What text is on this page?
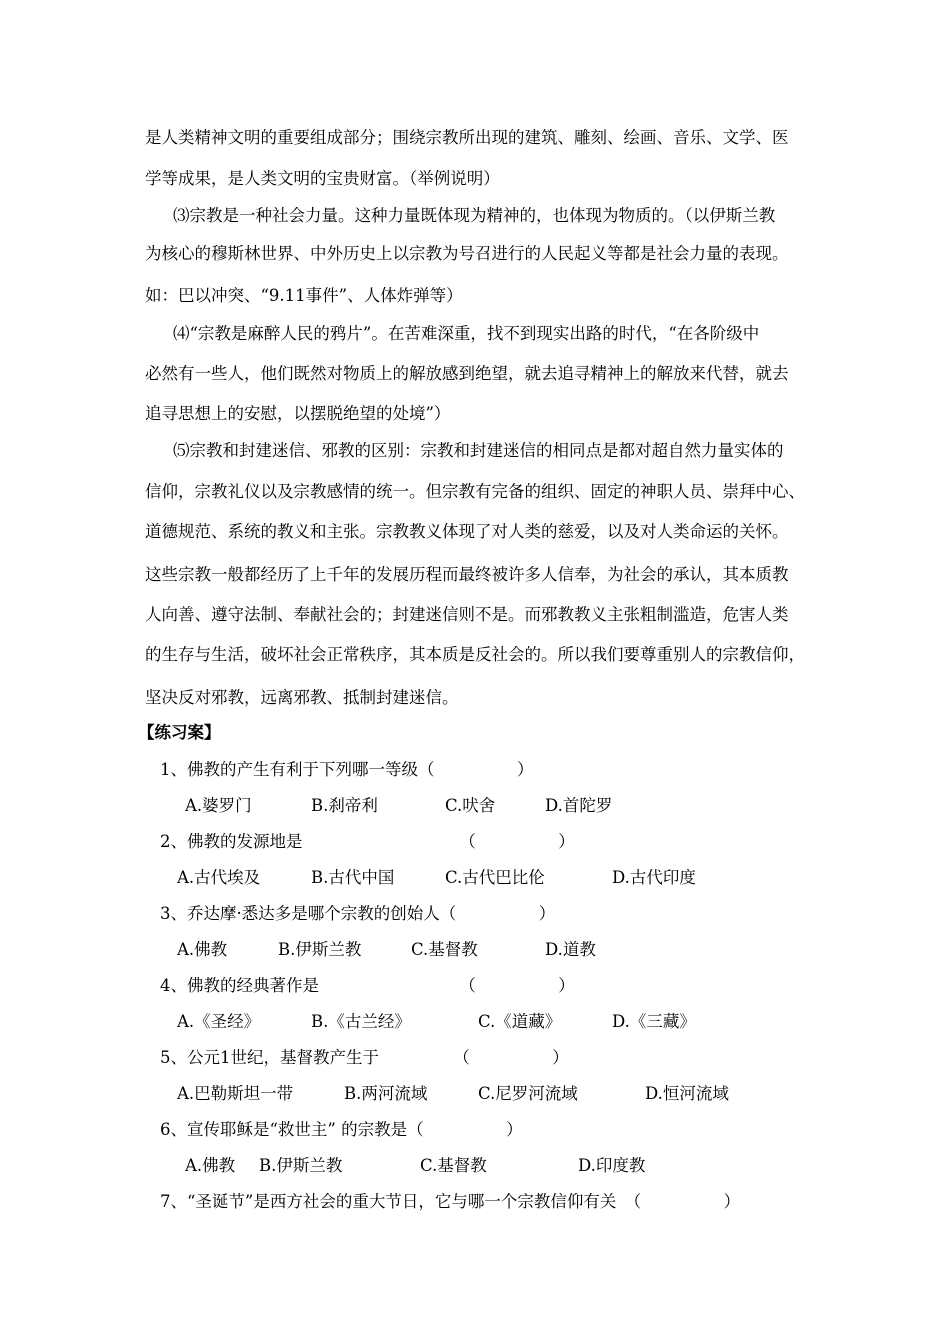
是人类精神文明的重要组成部分；围绕宗教所出现的建筑、雕刻、绘画、音乐、文学、医
学等成果，是人类文明的宝贵财富。（举例说明）
⑶宗教是一种社会力量。这种力量既体现为精神的，也体现为物质的。（以伊斯兰教
为核心的穆斯林世界、中外历史上以宗教为号召进行的人民起义等都是社会力量的表现。
如：巴以冲突、“9.11事件”、人体炸弹等）
⑷“宗教是麻醉人民的鸦片”。在苦难深重，找不到现实出路的时代，“在各阶级中
必然有一些人，他们既然对物质上的解放感到绝望，就去追寻精神上的解放来代替，就去
追寻思想上的安慰，以摆脱绝望的处境”）
⑸宗教和封建迷信、邪教的区别：宗教和封建迷信的相同点是都对超自然力量实体的
信仰，宗教礼仪以及宗教感情的统一。但宗教有完备的组织、固定的神职人员、崇拜中心、
道德规范、系统的教义和主张。宗教教义体现了对人类的慈爱，以及对人类命运的关怀。
这些宗教一般都经历了上千年的发展历程而最终被许多人信奉，为社会的承认，其本质教
人向善、遵守法制、奉献社会的；封建迷信则不是。而邪教教义主张粗制滥造，危害人类
的生存与生活，破坏社会正常秩序，其本质是反社会的。所以我们要尊重别人的宗教信仰，
坚决反对邪教，远离邪教、抵制封建迷信。
【练习案】
1、佛教的产生有利于下列哪一等级（　　　　　）
A.婆罗门	B.刹帝利	C.吠舍	D.首陀罗
2、佛教的发源地是　　　　　　　　　　（　　　　　）
A.古代埃及	B.古代中国	C.古代巴比伦	D.古代印度
3、乔达摩·悉达多是哪个宗教的创始人（　　　　　）
A.佛教	B.伊斯兰教	C.基督教	D.道教
4、佛教的经典著作是　　　　　　　　　（　　　　　）
A.《圣经》	B.《古兰经》	C.《道藏》	D.《三藏》
5、公元1世纪，基督教产生于　　　　　（　　　　　）
A.巴勒斯坦一带	B.两河流域	C.尼罗河流域	D.恒河流域
6、宣传耶稣是“救世主” 的宗教是（　　　　　）
A.佛教 B.伊斯兰教	C.基督教	D.印度教
7、“圣诞节”是西方社会的重大节日，它与哪一个宗教信仰有关　（　　　　　）
